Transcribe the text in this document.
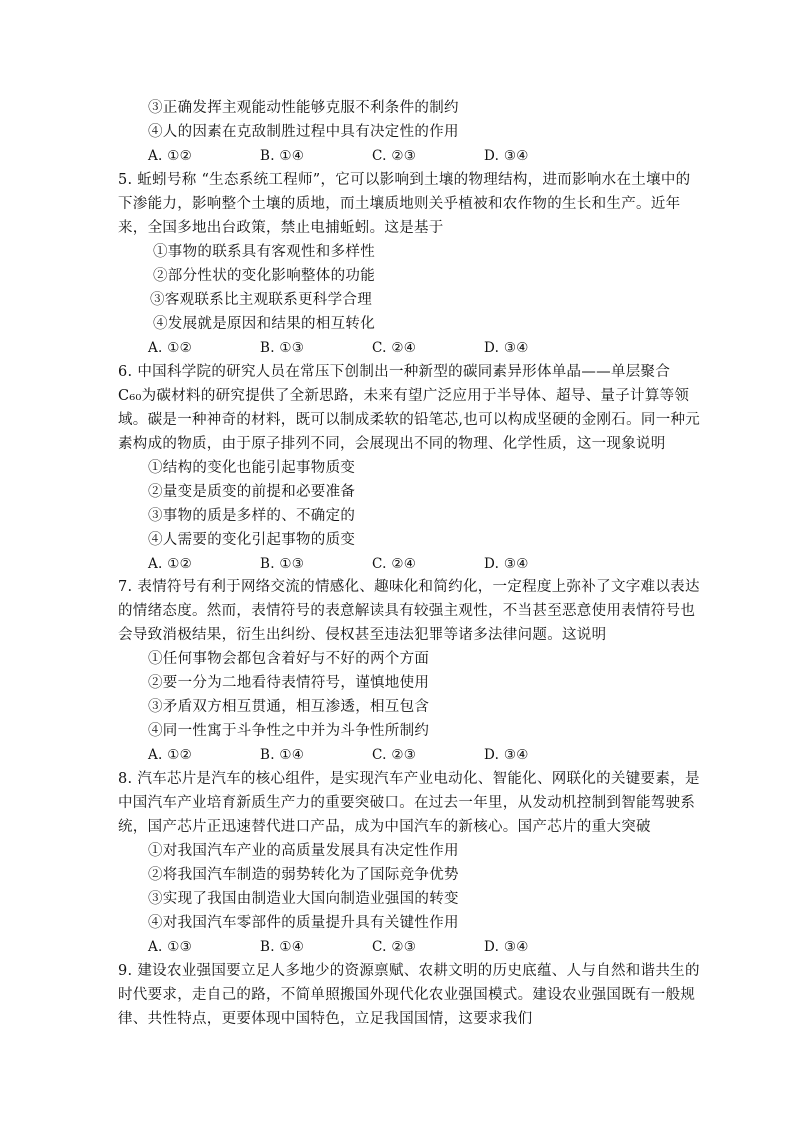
③正确发挥主观能动性能够克服不利条件的制约
④人的因素在克敌制胜过程中具有决定性的作用
A. ①②	B. ①④	C. ②③	D. ③④
5. 蚯蚓号称 “生态系统工程师”，它可以影响到土壤的物理结构，进而影响水在土壤中的
下渗能力，影响整个土壤的质地，而土壤质地则关乎植被和农作物的生长和生产。近年
来，全国多地出台政策，禁止电捕蚯蚓。这是基于
①事物的联系具有客观性和多样性
②部分性状的变化影响整体的功能
③客观联系比主观联系更科学合理
④发展就是原因和结果的相互转化
A. ①②	B. ①③	C. ②④	D. ③④
6. 中国科学院的研究人员在常压下创制出一种新型的碳同素异形体单晶——单层聚合
C₆₀为碳材料的研究提供了全新思路，未来有望广泛应用于半导体、超导、量子计算等领
域。碳是一种神奇的材料，既可以制成柔软的铅笔芯,也可以构成坚硬的金刚石。同一种元
素构成的物质，由于原子排列不同，会展现出不同的物理、化学性质，这一现象说明
①结构的变化也能引起事物质变
②量变是质变的前提和必要准备
③事物的质是多样的、不确定的
④人需要的变化引起事物的质变
A. ①②	B. ①③	C. ②④	D. ③④
7. 表情符号有利于网络交流的情感化、趣味化和简约化，一定程度上弥补了文字难以表达
的情绪态度。然而，表情符号的表意解读具有较强主观性，不当甚至恶意使用表情符号也
会导致消极结果，衍生出纠纷、侵权甚至违法犯罪等诸多法律问题。这说明
①任何事物会都包含着好与不好的两个方面
②要一分为二地看待表情符号，谨慎地使用
③矛盾双方相互贯通，相互渗透，相互包含
④同一性寓于斗争性之中并为斗争性所制约
A. ①②	B. ①④	C. ②③	D. ③④
8. 汽车芯片是汽车的核心组件，是实现汽车产业电动化、智能化、网联化的关键要素，是
中国汽车产业培育新质生产力的重要突破口。在过去一年里，从发动机控制到智能驾驶系
统，国产芯片正迅速替代进口产品，成为中国汽车的新核心。国产芯片的重大突破
①对我国汽车产业的高质量发展具有决定性作用
②将我国汽车制造的弱势转化为了国际竞争优势
③实现了我国由制造业大国向制造业强国的转变
④对我国汽车零部件的质量提升具有关键性作用
A. ①③	B. ①④	C. ②③	D. ③④
9. 建设农业强国要立足人多地少的资源禀赋、农耕文明的历史底蕴、人与自然和谐共生的
时代要求，走自己的路，不简单照搬国外现代化农业强国模式。建设农业强国既有一般规
律、共性特点，更要体现中国特色，立足我国国情，这要求我们
